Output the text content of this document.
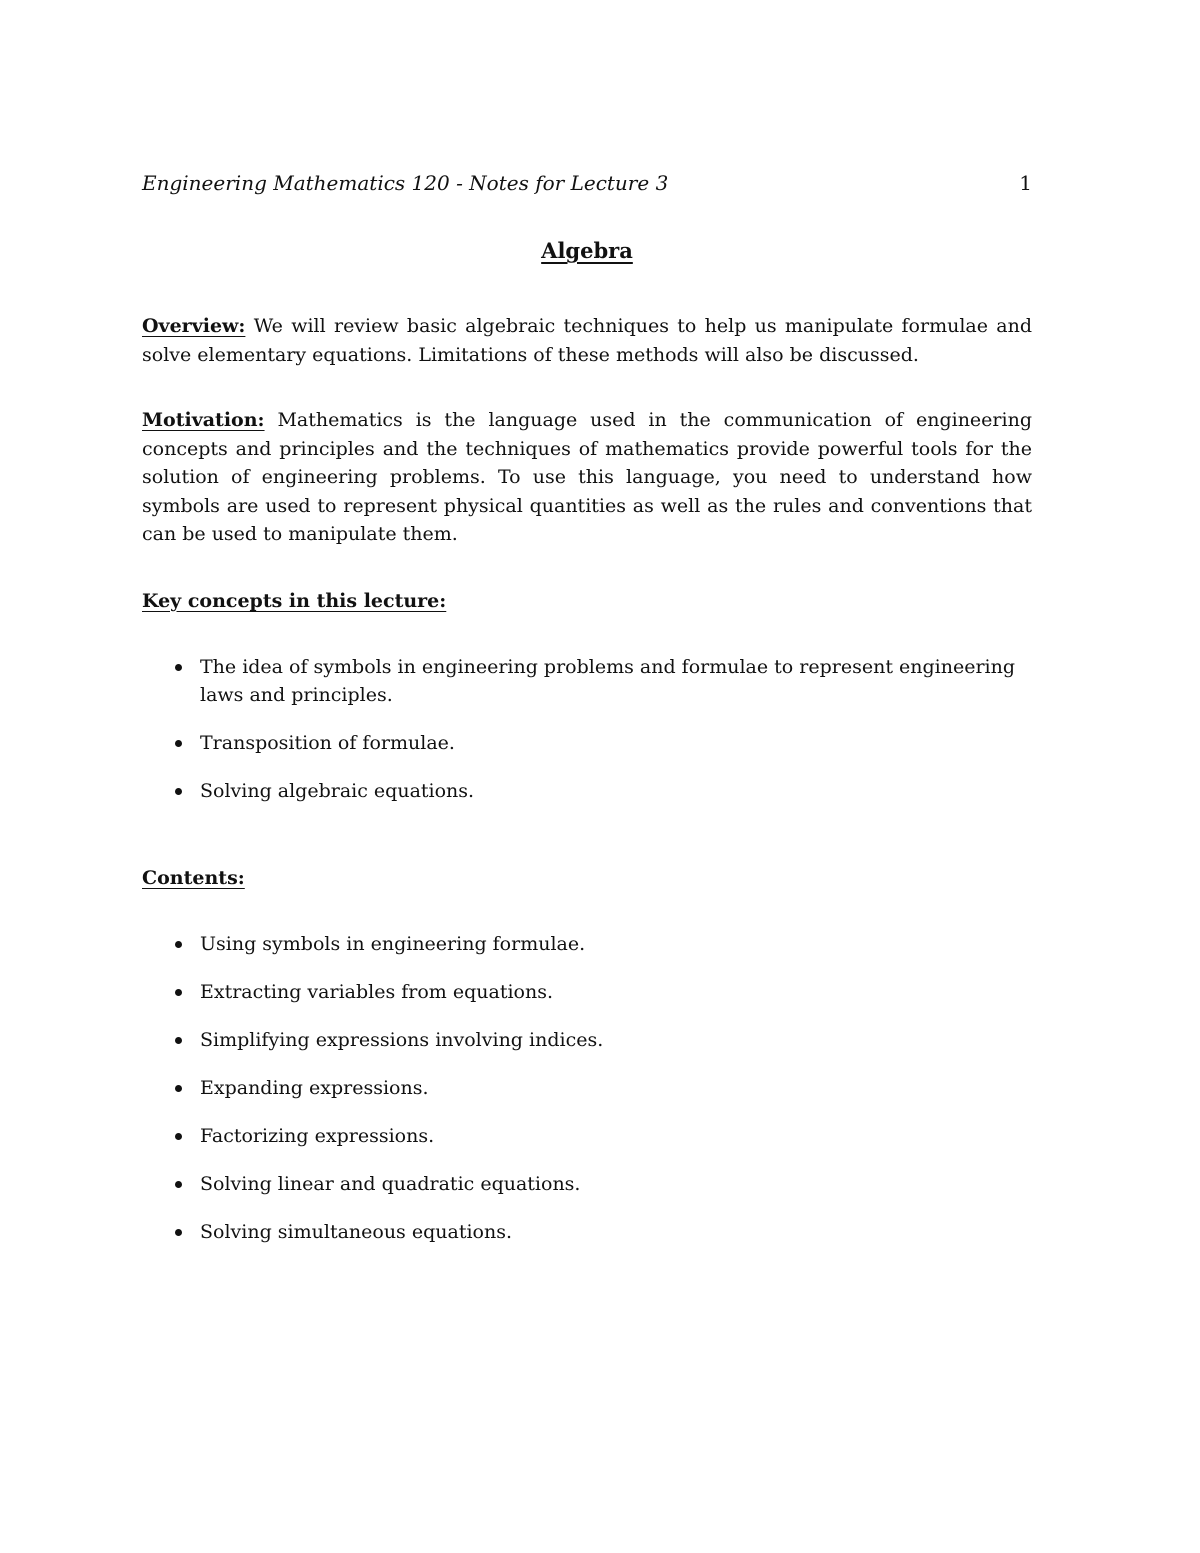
Engineering Mathematics 120 - Notes for Lecture 3	1
Algebra

Overview: We will review basic algebraic techniques to help us manipulate formulae and solve elementary equations. Limitations of these methods will also be discussed.

Motivation: Mathematics is the language used in the communication of engineering concepts and principles and the techniques of mathematics provide powerful tools for the solution of engineering problems. To use this language, you need to understand how symbols are used to represent physical quantities as well as the rules and conventions that can be used to manipulate them.

Key concepts in this lecture:
The idea of symbols in engineering problems and formulae to represent engineering laws and principles.
Transposition of formulae.
Solving algebraic equations.
Contents:
Using symbols in engineering formulae.
Extracting variables from equations.
Simplifying expressions involving indices.
Expanding expressions.
Factorizing expressions.
Solving linear and quadratic equations.
Solving simultaneous equations.
